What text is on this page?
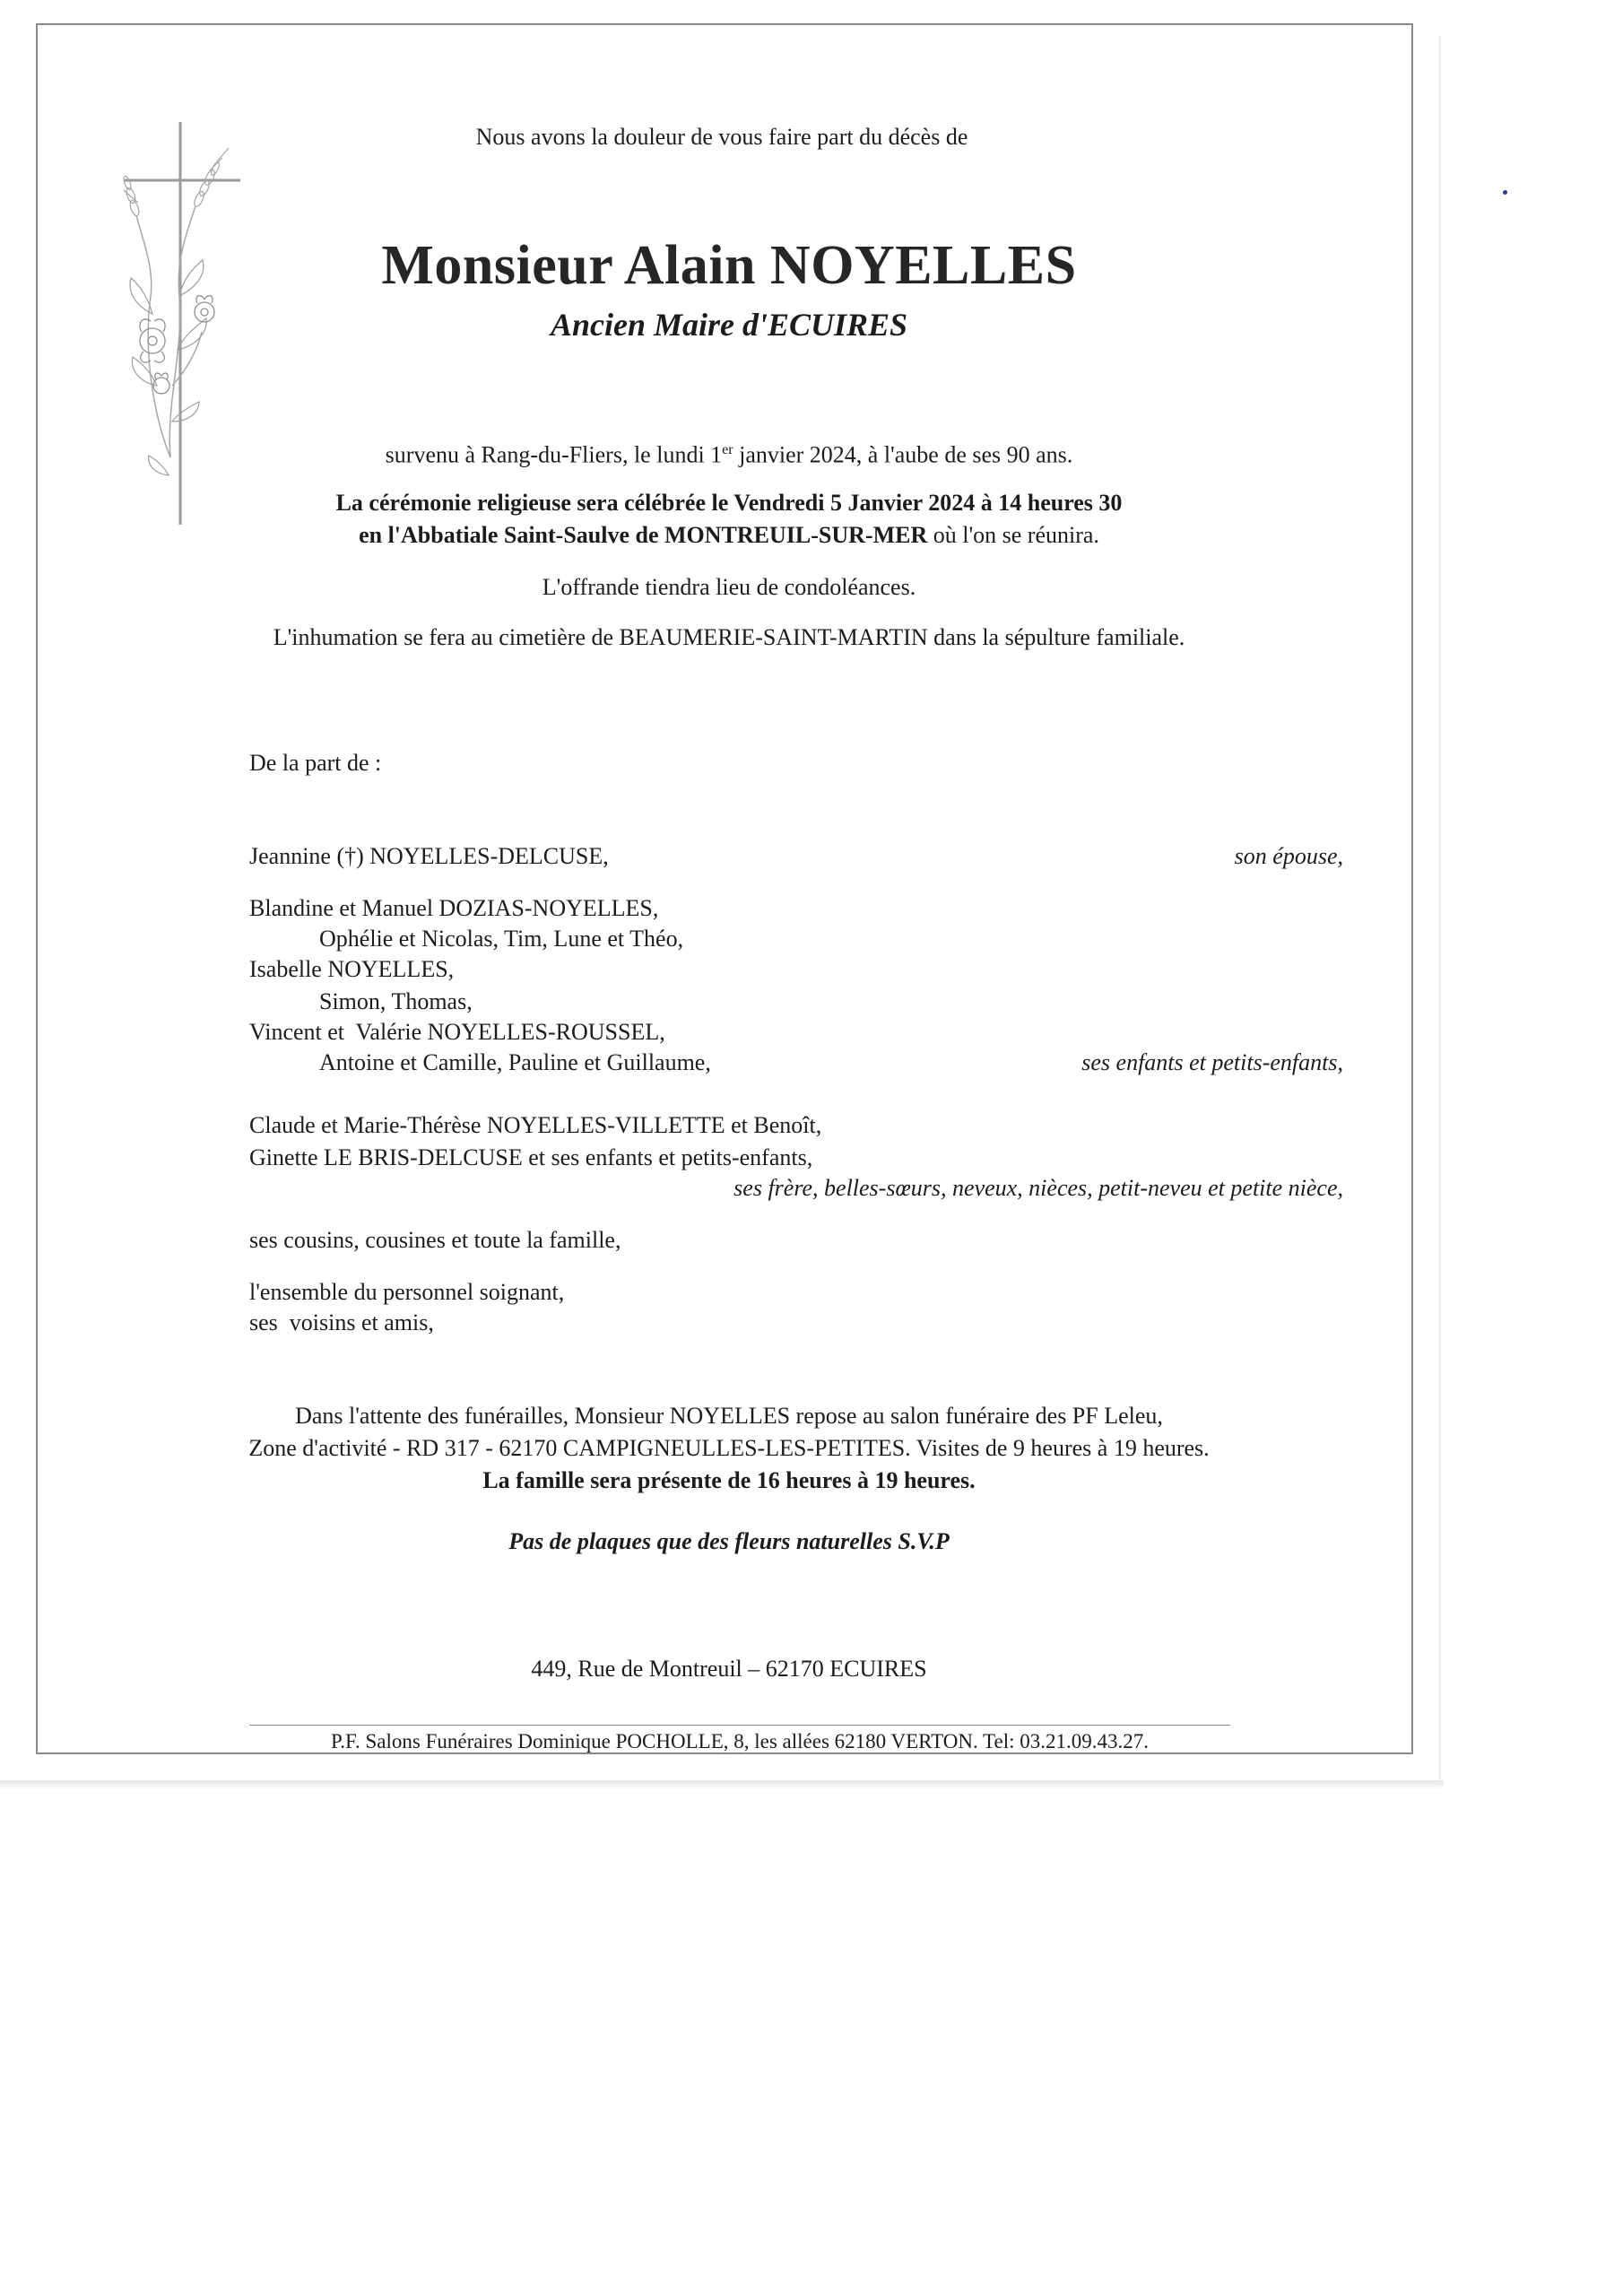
Nous avons la douleur de vous faire part du décès de
Monsieur Alain NOYELLES
Ancien Maire d'ECUIRES
survenu à Rang-du-Fliers, le lundi 1er janvier 2024, à l'aube de ses 90 ans.
La cérémonie religieuse sera célébrée le Vendredi 5 Janvier 2024 à 14 heures 30
en l'Abbatiale Saint-Saulve de MONTREUIL-SUR-MER où l'on se réunira.
L'offrande tiendra lieu de condoléances.
L'inhumation se fera au cimetière de BEAUMERIE-SAINT-MARTIN dans la sépulture familiale.
De la part de :
Jeannine (†) NOYELLES-DELCUSE,	son épouse,
Blandine et Manuel DOZIAS-NOYELLES,
Ophélie et Nicolas, Tim, Lune et Théo,
Isabelle NOYELLES,
Simon, Thomas,
Vincent et  Valérie NOYELLES-ROUSSEL,
Antoine et Camille, Pauline et Guillaume,	ses enfants et petits-enfants,
Claude et Marie-Thérèse NOYELLES-VILLETTE et Benoît,
Ginette LE BRIS-DELCUSE et ses enfants et petits-enfants,
ses frère, belles-sœurs, neveux, nièces, petit-neveu et petite nièce,
ses cousins, cousines et toute la famille,
l'ensemble du personnel soignant,
ses  voisins et amis,
Dans l'attente des funérailles, Monsieur NOYELLES repose au salon funéraire des PF Leleu,
Zone d'activité - RD 317 - 62170 CAMPIGNEULLES-LES-PETITES. Visites de 9 heures à 19 heures.
La famille sera présente de 16 heures à 19 heures.
Pas de plaques que des fleurs naturelles S.V.P
449, Rue de Montreuil – 62170 ECUIRES
P.F. Salons Funéraires Dominique POCHOLLE, 8, les allées 62180 VERTON. Tel: 03.21.09.43.27.
